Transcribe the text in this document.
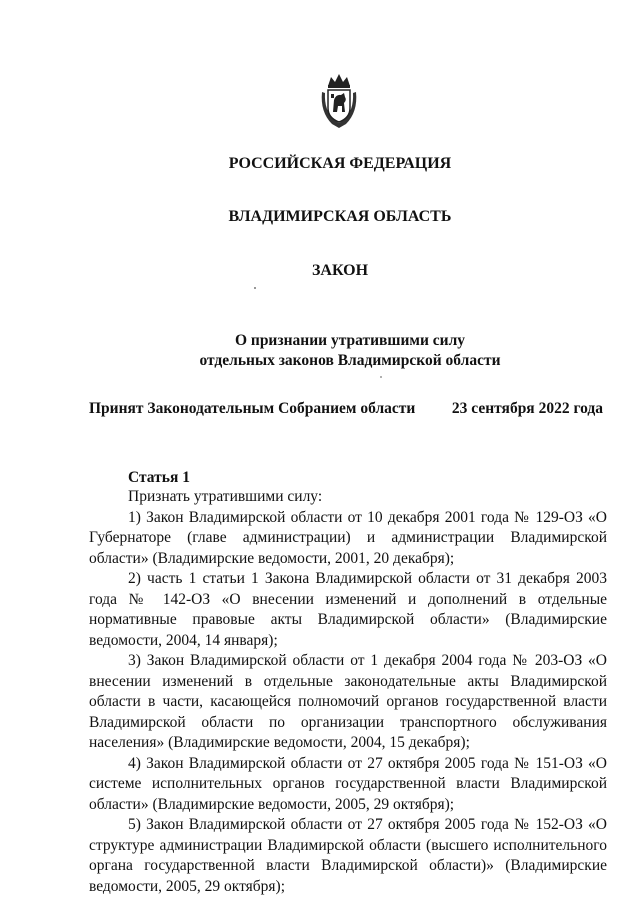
РОССИЙСКАЯ ФЕДЕРАЦИЯ
ВЛАДИМИРСКАЯ ОБЛАСТЬ
ЗАКОН
О признании утратившими силу
отдельных законов Владимирской области
Принят Законодательным Собранием области 23 сентября 2022 года
Статья 1

Признать утратившими силу:

1) Закон Владимирской области от 10 декабря 2001 года № 129-ОЗ «О Губернаторе (главе администрации) и администрации Владимирской области» (Владимирские ведомости, 2001, 20 декабря);

2) часть 1 статьи 1 Закона Владимирской области от 31 декабря 2003 года № 142-ОЗ «О внесении изменений и дополнений в отдельные нормативные правовые акты Владимирской области» (Владимирские ведомости, 2004, 14 января);

3) Закон Владимирской области от 1 декабря 2004 года № 203-ОЗ «О внесении изменений в отдельные законодательные акты Владимирской области в части, касающейся полномочий органов государственной власти Владимирской области по организации транспортного обслуживания населения» (Владимирские ведомости, 2004, 15 декабря);

4) Закон Владимирской области от 27 октября 2005 года № 151-ОЗ «О системе исполнительных органов государственной власти Владимирской области» (Владимирские ведомости, 2005, 29 октября);

5) Закон Владимирской области от 27 октября 2005 года № 152-ОЗ «О структуре администрации Владимирской области (высшего исполнительного органа государственной власти Владимирской области)» (Владимирские ведомости, 2005, 29 октября);
